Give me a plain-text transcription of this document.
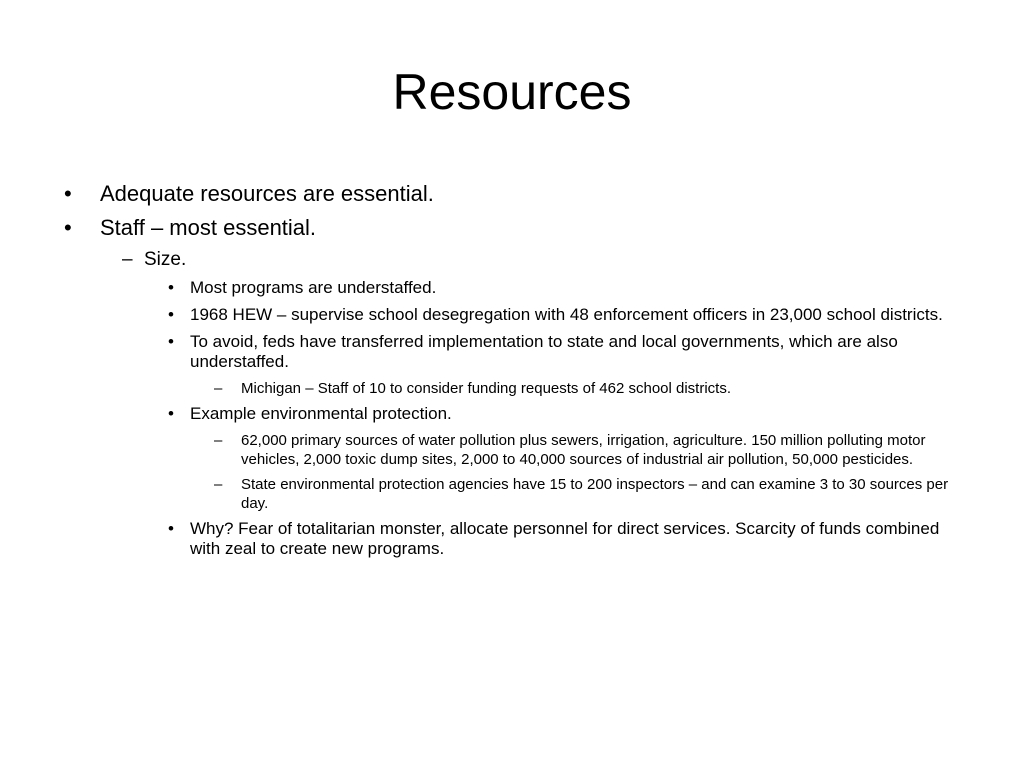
Resources
• Adequate resources are essential.
• Staff – most essential.
– Size.
• Most programs are understaffed.
• 1968 HEW – supervise school desegregation with 48 enforcement officers in 23,000 school districts.
• To avoid, feds have transferred implementation to state and local governments, which are also understaffed.
– Michigan – Staff of 10 to consider funding requests of 462 school districts.
• Example environmental protection.
– 62,000 primary sources of water pollution plus sewers, irrigation, agriculture. 150 million polluting motor vehicles, 2,000 toxic dump sites, 2,000 to 40,000 sources of industrial air pollution, 50,000 pesticides.
– State environmental protection agencies have 15 to 200 inspectors – and can examine 3 to 30 sources per day.
• Why? Fear of totalitarian monster, allocate personnel for direct services. Scarcity of funds combined with zeal to create new programs.
